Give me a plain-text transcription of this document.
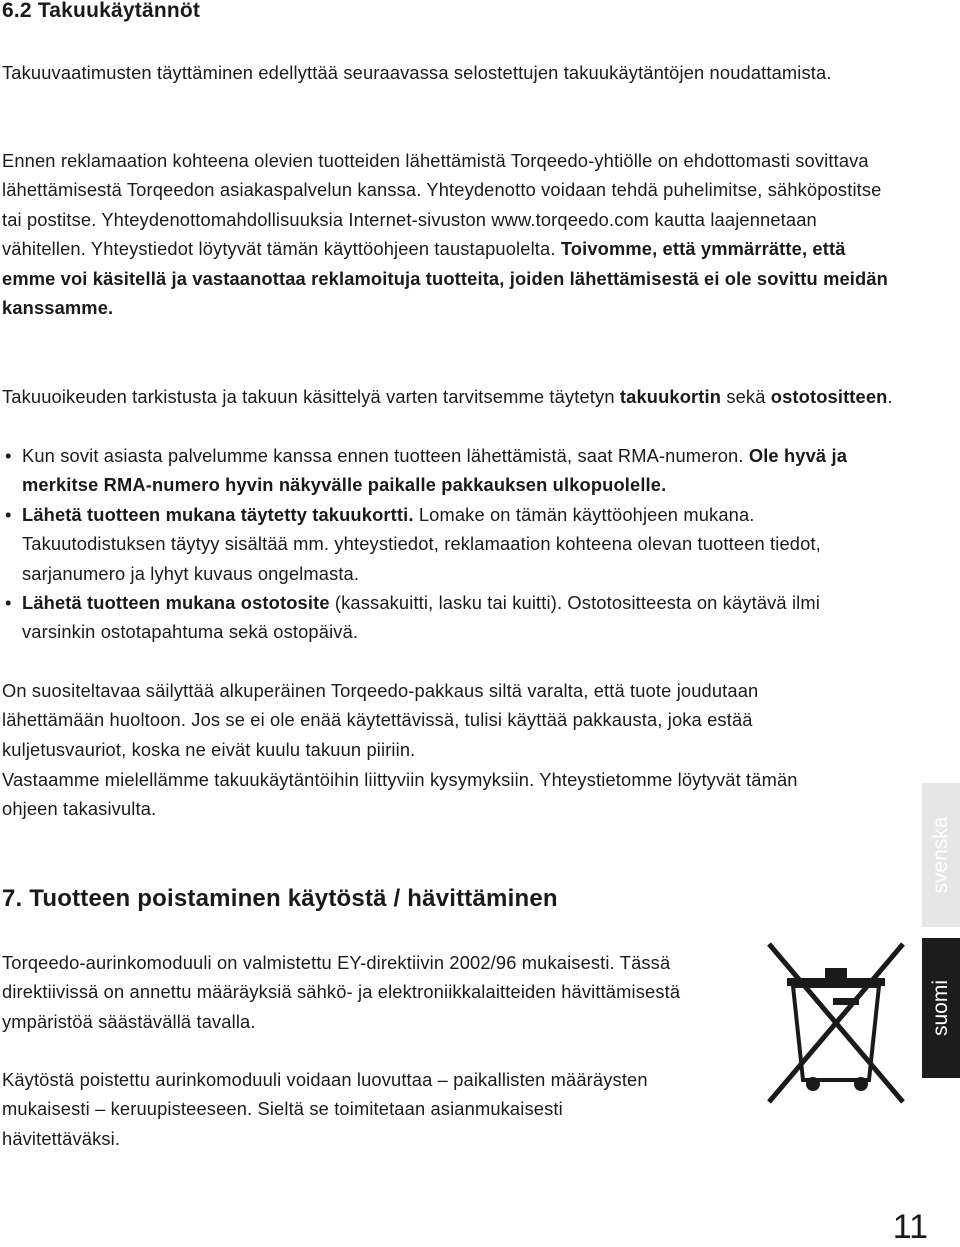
6.2 Takuukäytännöt

Takuuvaatimusten täyttäminen edellyttää seuraavassa selostettujen takuukäytäntöjen noudattamista.

Ennen reklamaation kohteena olevien tuotteiden lähettämistä Torqeedo-yhtiölle on ehdottomasti sovittava lähettämisestä Torqeedon asiakaspalvelun kanssa. Yhteydenotto voidaan tehdä puhelimitse, sähköpostitse tai postitse. Yhteydenottomahdollisuuksia Internet-sivuston www.torqeedo.com kautta laajennetaan vähitellen. Yhteystiedot löytyvät tämän käyttöohjeen taustapuolelta. Toivomme, että ymmärrätte, että emme voi käsitellä ja vastaanottaa reklamoituja tuotteita, joiden lähettämisestä ei ole sovittu meidän kanssamme.

Takuuoikeuden tarkistusta ja takuun käsittelyä varten tarvitsemme täytetyn takuukortin sekä ostotositteen.

• Kun sovit asiasta palvelumme kanssa ennen tuotteen lähettämistä, saat RMA-numeron. Ole hyvä ja merkitse RMA-numero hyvin näkyvälle paikalle pakkauksen ulkopuolelle.
• Lähetä tuotteen mukana täytetty takuukortti. Lomake on tämän käyttöohjeen mukana. Takuutodistuksen täytyy sisältää mm. yhteystiedot, reklamaation kohteena olevan tuotteen tiedot, sarjanumero ja lyhyt kuvaus ongelmasta.
• Lähetä tuotteen mukana ostotosite (kassakuitti, lasku tai kuitti). Ostotositteesta on käytävä ilmi varsinkin ostotapahtuma sekä ostopäivä.

On suositeltavaa säilyttää alkuperäinen Torqeedo-pakkaus siltä varalta, että tuote joudutaan lähettämään huoltoon. Jos se ei ole enää käytettävissä, tulisi käyttää pakkausta, joka estää kuljetusvauriot, koska ne eivät kuulu takuun piiriin.

Vastaamme mielellämme takuukäytäntöihin liittyviin kysymyksiin. Yhteystietomme löytyvät tämän ohjeen takasivulta.

7. Tuotteen poistaminen käytöstä / hävittäminen

Torqeedo-aurinkomoduuli on valmistettu EY-direktiivin 2002/96 mukaisesti. Tässä direktiivissä on annettu määräyksiä sähkö- ja elektroniikkalaitteiden hävittämisestä ympäristöä säästävällä tavalla.

Käytöstä poistettu aurinkomoduuli voidaan luovuttaa – paikallisten määräysten mukaisesti – keruupisteeseen. Sieltä se toimitetaan asianmukaisesti hävitettäväksi.

svenska
suomi
11
